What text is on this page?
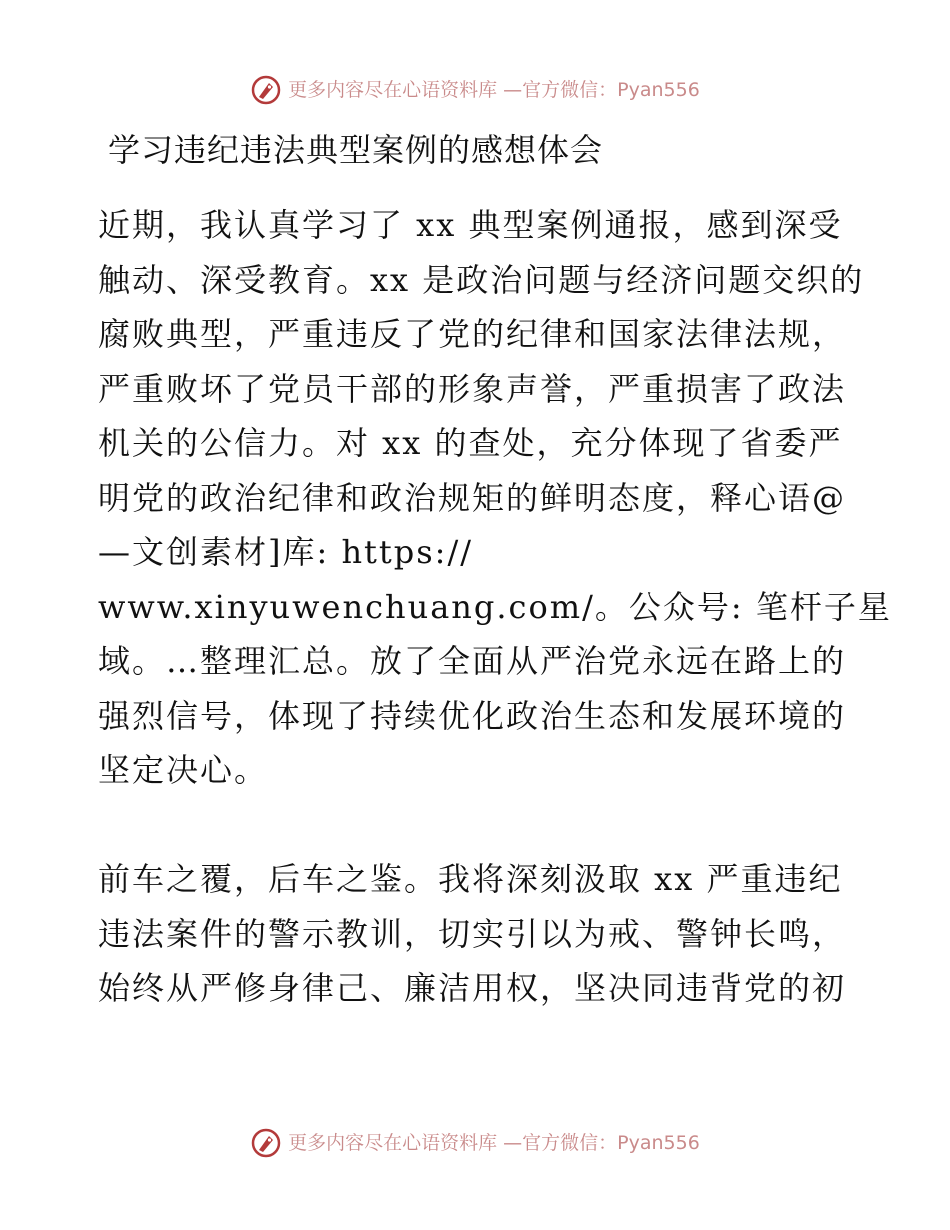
更多内容尽在心语资料库 —官方微信：Pyan556
学习违纪违法典型案例的感想体会

近期，我认真学习了 xx 典型案例通报，感到深受
触动、深受教育。xx 是政治问题与经济问题交织的
腐败典型，严重违反了党的纪律和国家法律法规，
严重败坏了党员干部的形象声誉，严重损害了政法
机关的公信力。对 xx 的查处，充分体现了省委严
明党的政治纪律和政治规矩的鲜明态度，释心语@
—文创素材]库: https://
www.xinyuwenchuang.com/。公众号: 笔杆子星
域。…整理汇总。放了全面从严治党永远在路上的
强烈信号，体现了持续优化政治生态和发展环境的
坚定决心。

前车之覆，后车之鉴。我将深刻汲取 xx 严重违纪
违法案件的警示教训，切实引以为戒、警钟长鸣，
始终从严修身律己、廉洁用权，坚决同违背党的初

更多内容尽在心语资料库 —官方微信：Pyan556
